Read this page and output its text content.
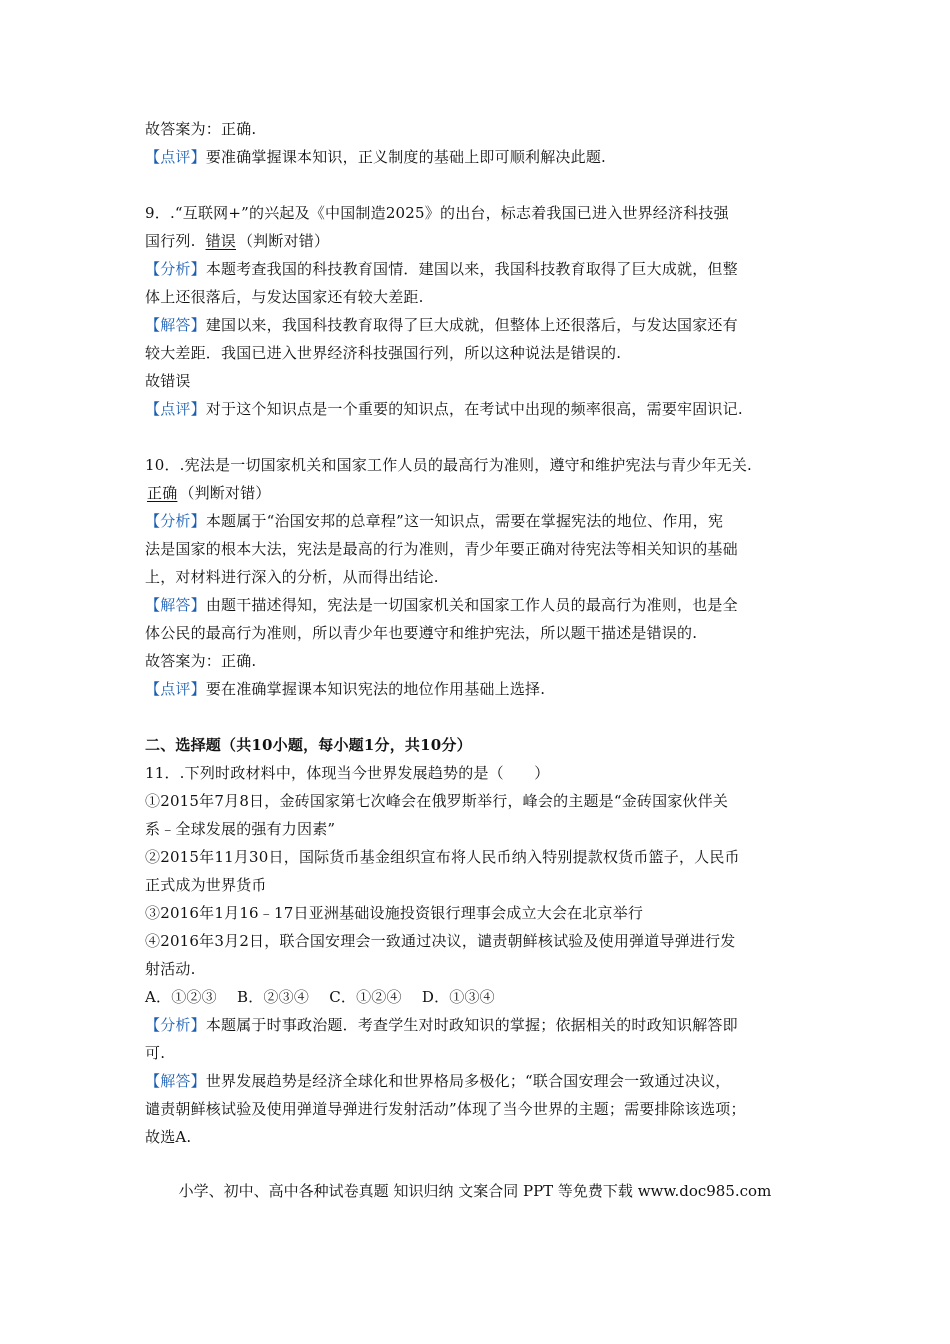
故答案为：正确.
【点评】要准确掌握课本知识，正义制度的基础上即可顺利解决此题.
9．.“互联网+”的兴起及《中国制造2025》的出台，标志着我国已进入世界经济科技强
国行列.错误（判断对错）
【分析】本题考查我国的科技教育国情．建国以来，我国科技教育取得了巨大成就，但整
体上还很落后，与发达国家还有较大差距.
【解答】建国以来，我国科技教育取得了巨大成就，但整体上还很落后，与发达国家还有
较大差距．我国已进入世界经济科技强国行列，所以这种说法是错误的.
故错误
【点评】对于这个知识点是一个重要的知识点，在考试中出现的频率很高，需要牢固识记.
10．.宪法是一切国家机关和国家工作人员的最高行为准则，遵守和维护宪法与青少年无关.
正确（判断对错）
【分析】本题属于“治国安邦的总章程”这一知识点，需要在掌握宪法的地位、作用，宪
法是国家的根本大法，宪法是最高的行为准则，青少年要正确对待宪法等相关知识的基础
上，对材料进行深入的分析，从而得出结论.
【解答】由题干描述得知，宪法是一切国家机关和国家工作人员的最高行为准则，也是全
体公民的最高行为准则，所以青少年也要遵守和维护宪法，所以题干描述是错误的.
故答案为：正确.
【点评】要在准确掌握课本知识宪法的地位作用基础上选择.
二、选择题（共10小题，每小题1分，共10分）
11．.下列时政材料中，体现当今世界发展趋势的是（　　）
①2015年7月8日，金砖国家第七次峰会在俄罗斯举行，峰会的主题是“金砖国家伙伴关
系﹣全球发展的强有力因素”
②2015年11月30日，国际货币基金组织宣布将人民币纳入特别提款权货币篮子，人民币
正式成为世界货币
③2016年1月16﹣17日亚洲基础设施投资银行理事会成立大会在北京举行
④2016年3月2日，联合国安理会一致通过决议，谴责朝鲜核试验及使用弹道导弹进行发
射活动.
A．①②③　 B．②③④　 C．①②④　 D．①③④
【分析】本题属于时事政治题．考查学生对时政知识的掌握；依据相关的时政知识解答即
可.
【解答】世界发展趋势是经济全球化和世界格局多极化；“联合国安理会一致通过决议，
谴责朝鲜核试验及使用弹道导弹进行发射活动”体现了当今世界的主题；需要排除该选项；
故选A.
小学、初中、高中各种试卷真题 知识归纳 文案合同 PPT 等免费下载 www.doc985.com
